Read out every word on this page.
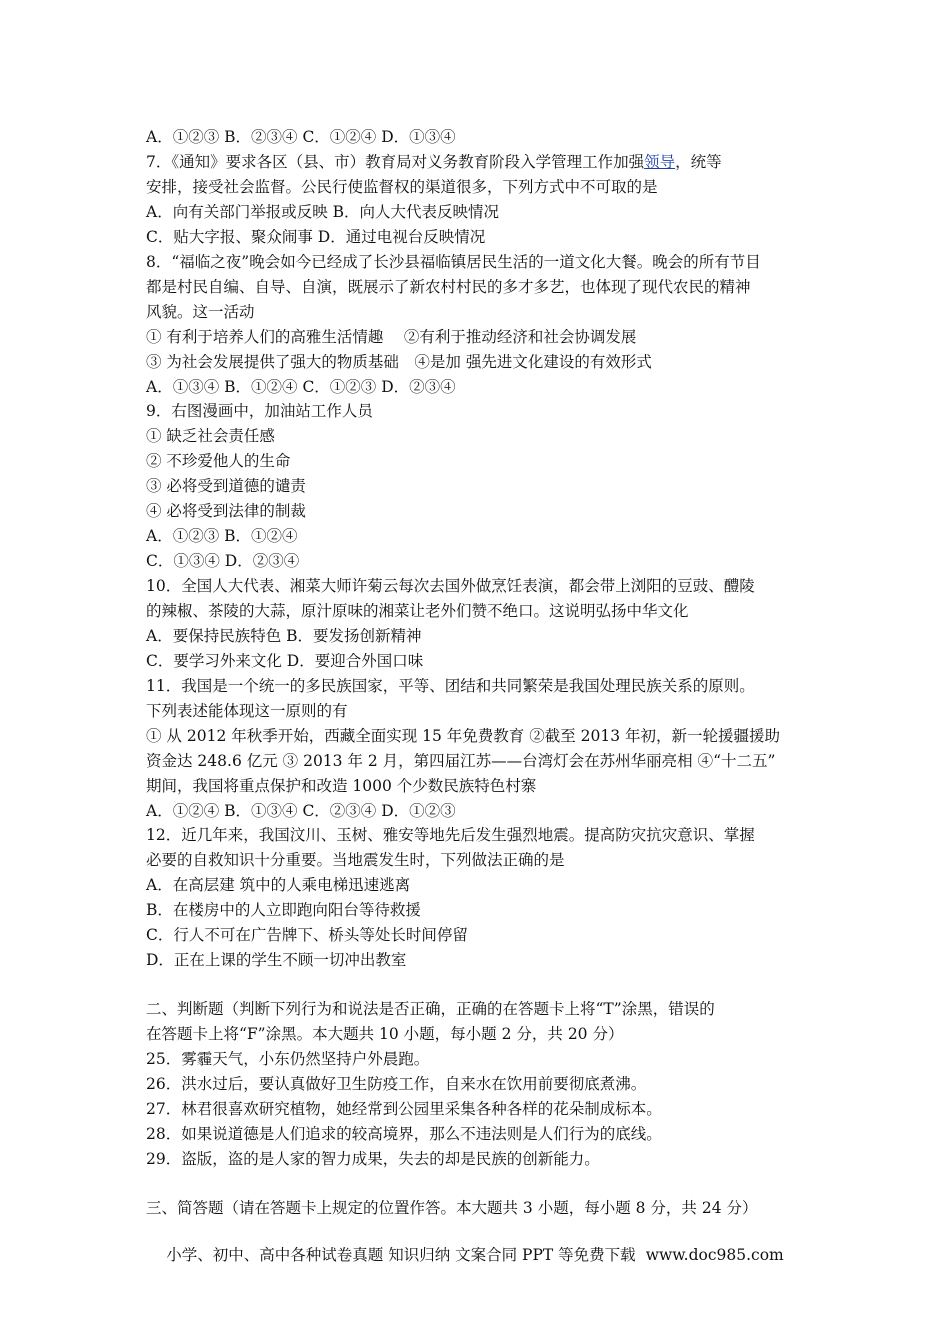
A．①②③ B．②③④ C．①②④ D．①③④
7．《通知》要求各区（县、市）教育局对义务教育阶段入学管理工作加强领导，统等
安排，接受社会监督。公民行使监督权的渠道很多，下列方式中不可取的是
A．向有关部门举报或反映 B．向人大代表反映情况
C．贴大字报、聚众闹事 D．通过电视台反映情况
8．“福临之夜”晚会如今已经成了长沙县福临镇居民生活的一道文化大餐。晚会的所有节目
都是村民自编、自导、自演，既展示了新农村村民的多才多艺，也体现了现代农民的精神
风貌。这一活动
① 有利于培养人们的高雅生活情趣　 ②有利于推动经济和社会协调发展
③ 为社会发展提供了强大的物质基础　④是加 强先进文化建设的有效形式
A．①③④ B．①②④ C．①②③ D．②③④
9．右图漫画中，加油站工作人员
① 缺乏社会责任感
② 不珍爱他人的生命
③ 必将受到道德的谴责
④ 必将受到法律的制裁
A．①②③ B．①②④
C．①③④ D．②③④
10．全国人大代表、湘菜大师许菊云每次去国外做烹饪表演，都会带上浏阳的豆豉、醴陵
的辣椒、茶陵的大蒜，原汁原味的湘菜让老外们赞不绝口。这说明弘扬中华文化
A．要保持民族特色 B．要发扬创新精神
C．要学习外来文化 D．要迎合外国口味
11．我国是一个统一的多民族国家，平等、团结和共同繁荣是我国处理民族关系的原则。
下列表述能体现这一原则的有
① 从 2012 年秋季开始，西藏全面实现 15 年免费教育 ②截至 2013 年初，新一轮援疆援助
资金达 248.6 亿元 ③ 2013 年 2 月，第四届江苏——台湾灯会在苏州华丽亮相 ④“十二五”
期间，我国将重点保护和改造 1000 个少数民族特色村寨
A．①②④ B．①③④ C．②③④ D．①②③
12．近几年来，我国汶川、玉树、雅安等地先后发生强烈地震。提高防灾抗灾意识、掌握
必要的自救知识十分重要。当地震发生时，下列做法正确的是
A．在高层建 筑中的人乘电梯迅速逃离
B．在楼房中的人立即跑向阳台等待救援
C．行人不可在广告牌下、桥头等处长时间停留
D．正在上课的学生不顾一切冲出教室
二、判断题（判断下列行为和说法是否正确，正确的在答题卡上将“T”涂黑，错误的
在答题卡上将“F”涂黑。本大题共 10 小题，每小题 2 分，共 20 分）
25．雾霾天气，小东仍然坚持户外晨跑。
26．洪水过后，要认真做好卫生防疫工作，自来水在饮用前要彻底煮沸。
27．林君很喜欢研究植物，她经常到公园里采集各种各样的花朵制成标本。
28．如果说道德是人们追求的较高境界，那么不违法则是人们行为的底线。
29．盗版，盗的是人家的智力成果，失去的却是民族的创新能力。
三、简答题（请在答题卡上规定的位置作答。本大题共 3 小题，每小题 8 分，共 24 分）
小学、初中、高中各种试卷真题 知识归纳 文案合同 PPT 等免费下载 www.doc985.com
